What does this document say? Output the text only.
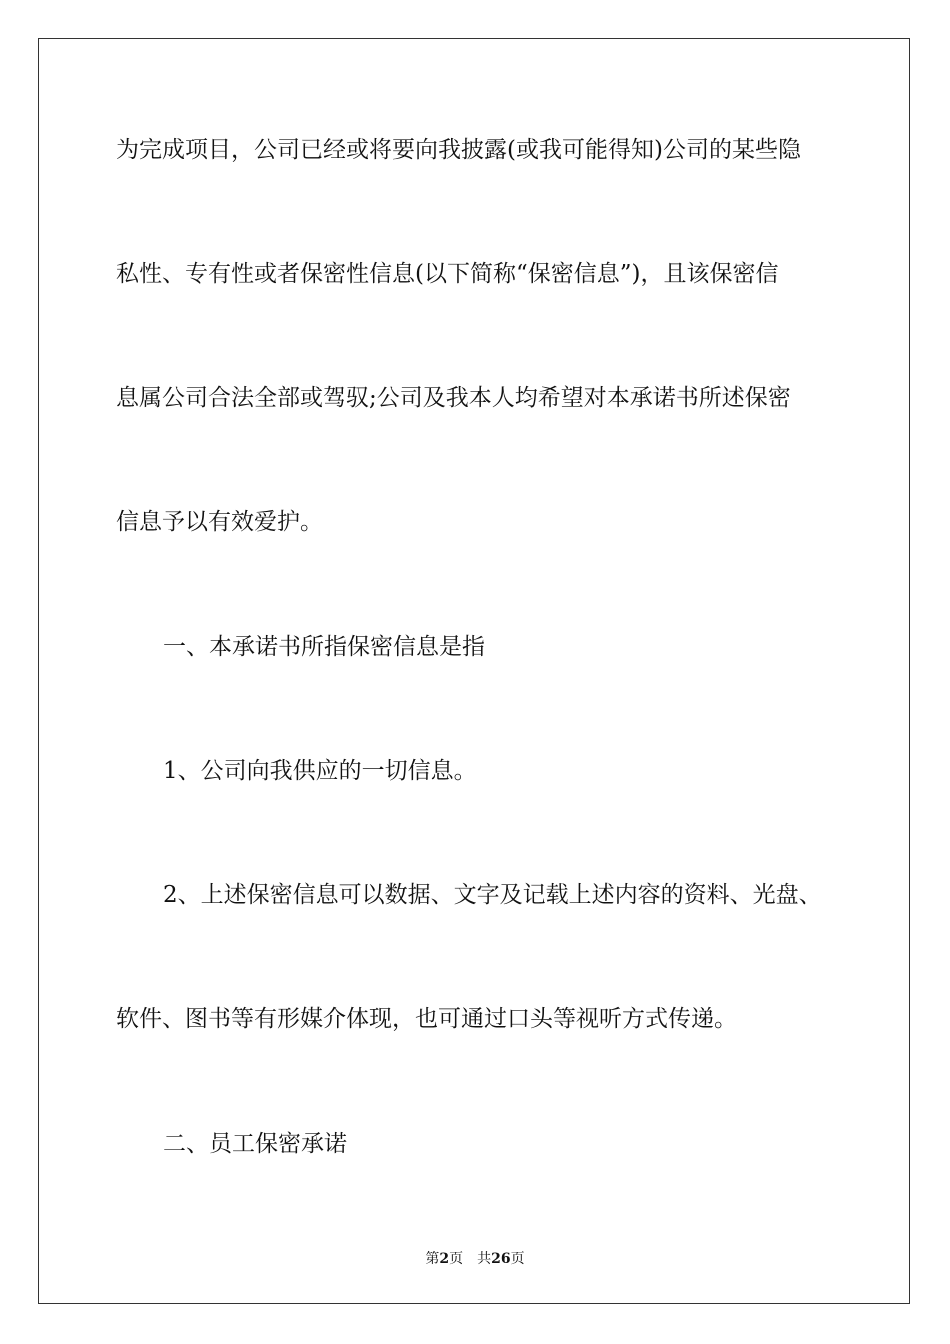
为完成项目，公司已经或将要向我披露(或我可能得知)公司的某些隐
私性、专有性或者保密性信息(以下简称“保密信息”)，且该保密信
息属公司合法全部或驾驭;公司及我本人均希望对本承诺书所述保密
信息予以有效爱护。
一、本承诺书所指保密信息是指
1、公司向我供应的一切信息。
2、上述保密信息可以数据、文字及记载上述内容的资料、光盘、
软件、图书等有形媒介体现，也可通过口头等视听方式传递。
二、员工保密承诺
第2页 共26页
